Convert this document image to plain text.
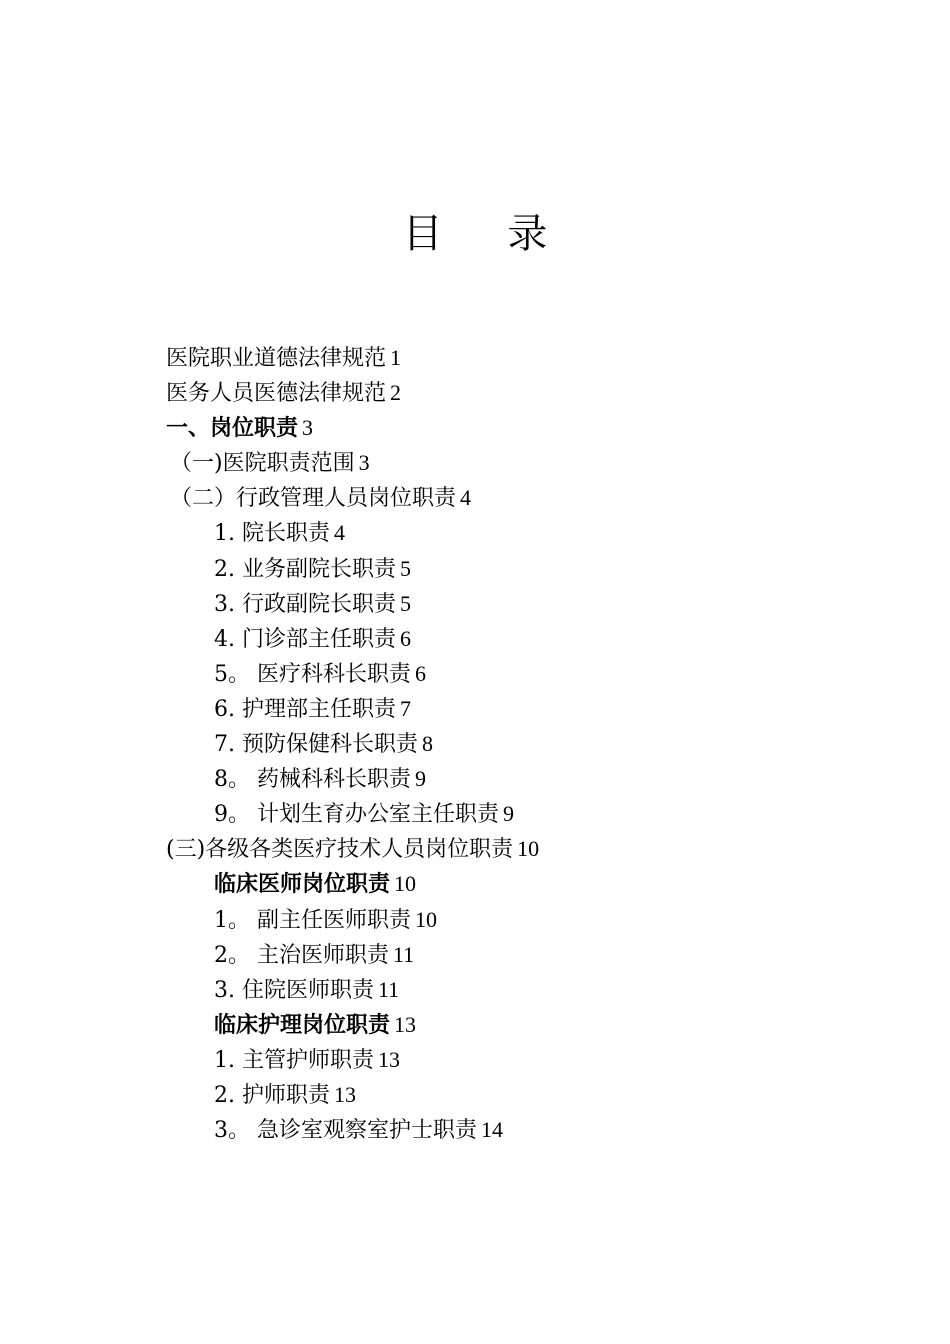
目 录
医院职业道德法律规范 1
医务人员医德法律规范 2
一、岗位职责 3
（一)医院职责范围 3
（二）行政管理人员岗位职责 4
1. 院长职责 4
2. 业务副院长职责 5
3. 行政副院长职责 5
4. 门诊部主任职责 6
5。 医疗科科长职责 6
6. 护理部主任职责 7
7. 预防保健科长职责 8
8。 药械科科长职责 9
9。 计划生育办公室主任职责 9
(三)各级各类医疗技术人员岗位职责 10
临床医师岗位职责 10
1。 副主任医师职责 10
2。 主治医师职责 11
3. 住院医师职责 11
临床护理岗位职责 13
1. 主管护师职责 13
2. 护师职责 13
3。 急诊室观察室护士职责 14
